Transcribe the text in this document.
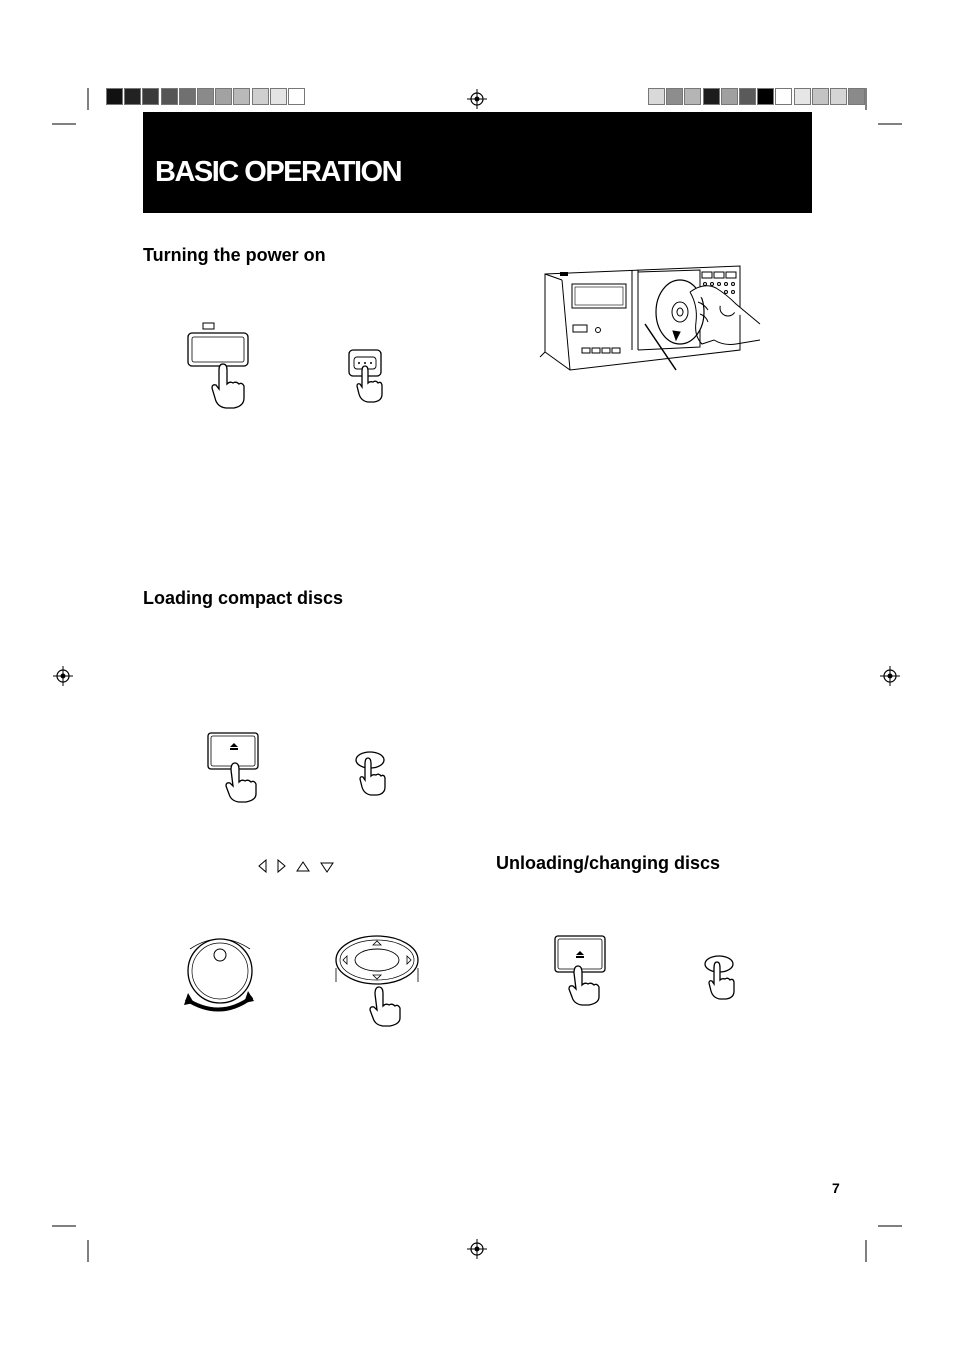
BASIC OPERATION
Turning the power on
Loading compact discs
Unloading/changing discs
7
